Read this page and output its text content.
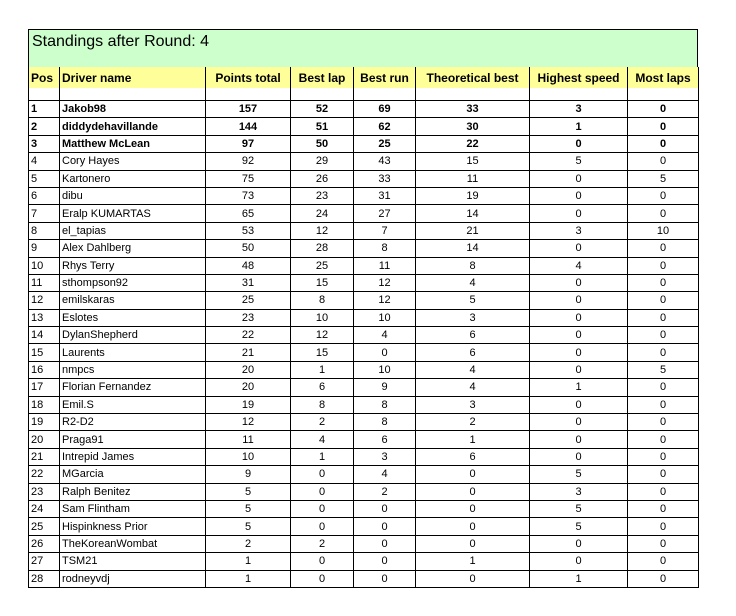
Standings after Round: 4
Pos	Driver name	Points total	Best lap	Best run	Theoretical best	Highest speed	Most laps

1	Jakob98	157	52	69	33	3	0
2	diddydehavillande	144	51	62	30	1	0
3	Matthew McLean	97	50	25	22	0	0
4	Cory Hayes	92	29	43	15	5	0
5	Kartonero	75	26	33	11	0	5
6	dibu	73	23	31	19	0	0
7	Eralp KUMARTAS	65	24	27	14	0	0
8	el_tapias	53	12	7	21	3	10
9	Alex Dahlberg	50	28	8	14	0	0
10	Rhys Terry	48	25	11	8	4	0
11	sthompson92	31	15	12	4	0	0
12	emilskaras	25	8	12	5	0	0
13	Eslotes	23	10	10	3	0	0
14	DylanShepherd	22	12	4	6	0	0
15	Laurents	21	15	0	6	0	0
16	nmpcs	20	1	10	4	0	5
17	Florian Fernandez	20	6	9	4	1	0
18	Emil.S	19	8	8	3	0	0
19	R2-D2	12	2	8	2	0	0
20	Praga91	11	4	6	1	0	0
21	Intrepid James	10	1	3	6	0	0
22	MGarcia	9	0	4	0	5	0
23	Ralph Benitez	5	0	2	0	3	0
24	Sam Flintham	5	0	0	0	5	0
25	Hispinkness Prior	5	0	0	0	5	0
26	TheKoreanWombat	2	2	0	0	0	0
27	TSM21	1	0	0	1	0	0
28	rodneyvdj	1	0	0	0	1	0
